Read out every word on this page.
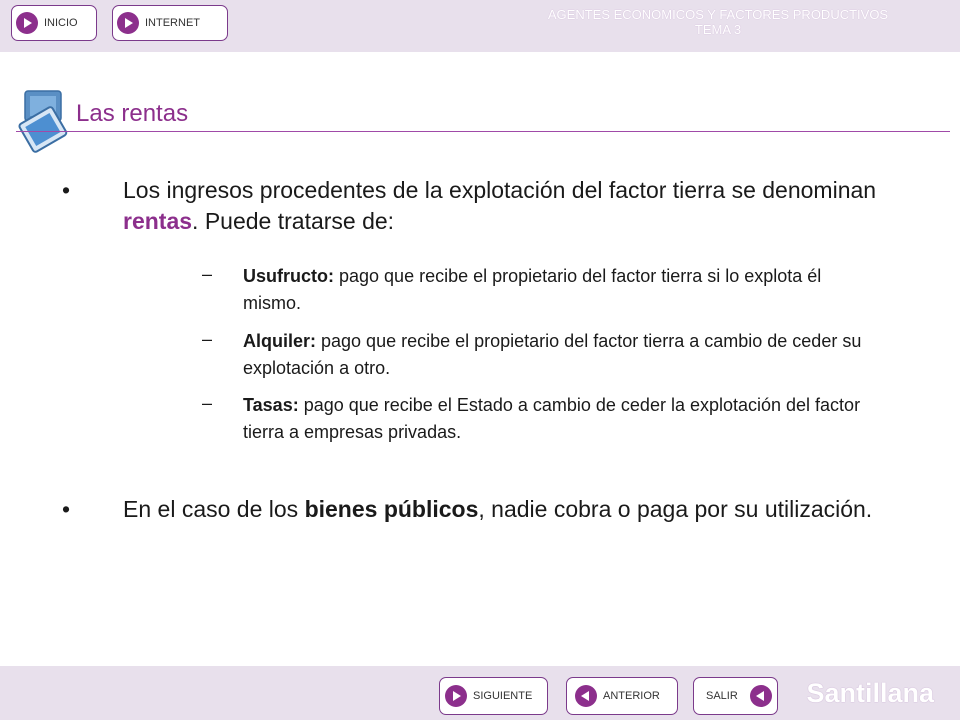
INICIO	INTERNET
AGENTES ECONOMICOS Y FACTORES PRODUCTIVOS
TEMA 3
Las rentas
• Los ingresos procedentes de la explotación del factor tierra se denominan rentas. Puede tratarse de:

– Usufructo: pago que recibe el propietario del factor tierra si lo explota él mismo.

– Alquiler: pago que recibe el propietario del factor tierra a cambio de ceder su explotación a otro.

– Tasas: pago que recibe el Estado a cambio de ceder la explotación del factor tierra a empresas privadas.

• En el caso de los bienes públicos, nadie cobra o paga por su utilización.

SIGUIENTE	ANTERIOR	SALIR	Santillana
